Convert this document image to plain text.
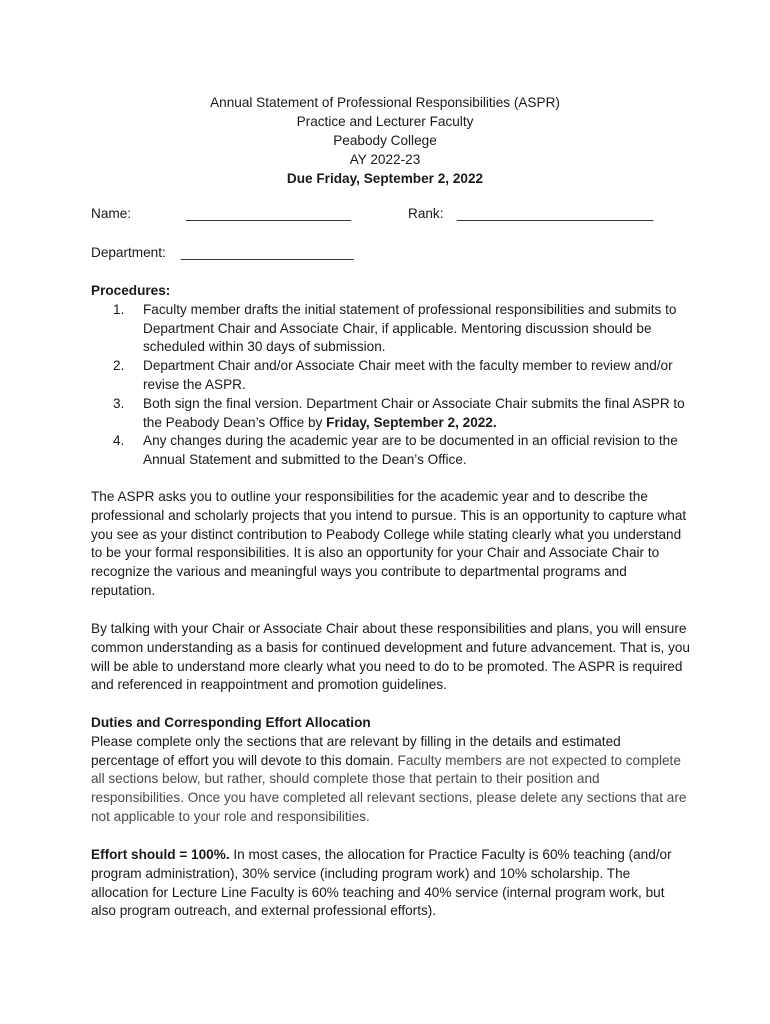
Annual Statement of Professional Responsibilities (ASPR)
Practice and Lecturer Faculty
Peabody College
AY 2022-23
Due Friday, September 2, 2022
Name:	_____________________	Rank: _________________________
Department: ______________________
Procedures:
1. Faculty member drafts the initial statement of professional responsibilities and submits to Department Chair and Associate Chair, if applicable. Mentoring discussion should be scheduled within 30 days of submission.
2. Department Chair and/or Associate Chair meet with the faculty member to review and/or revise the ASPR.
3. Both sign the final version. Department Chair or Associate Chair submits the final ASPR to the Peabody Dean’s Office by Friday, September 2, 2022.
4. Any changes during the academic year are to be documented in an official revision to the Annual Statement and submitted to the Dean’s Office.
The ASPR asks you to outline your responsibilities for the academic year and to describe the professional and scholarly projects that you intend to pursue. This is an opportunity to capture what you see as your distinct contribution to Peabody College while stating clearly what you understand to be your formal responsibilities. It is also an opportunity for your Chair and Associate Chair to recognize the various and meaningful ways you contribute to departmental programs and reputation.
By talking with your Chair or Associate Chair about these responsibilities and plans, you will ensure common understanding as a basis for continued development and future advancement. That is, you will be able to understand more clearly what you need to do to be promoted. The ASPR is required and referenced in reappointment and promotion guidelines.
Duties and Corresponding Effort Allocation
Please complete only the sections that are relevant by filling in the details and estimated percentage of effort you will devote to this domain. Faculty members are not expected to complete all sections below, but rather, should complete those that pertain to their position and responsibilities. Once you have completed all relevant sections, please delete any sections that are not applicable to your role and responsibilities.
Effort should = 100%. In most cases, the allocation for Practice Faculty is 60% teaching (and/or program administration), 30% service (including program work) and 10% scholarship. The allocation for Lecture Line Faculty is 60% teaching and 40% service (internal program work, but also program outreach, and external professional efforts).
